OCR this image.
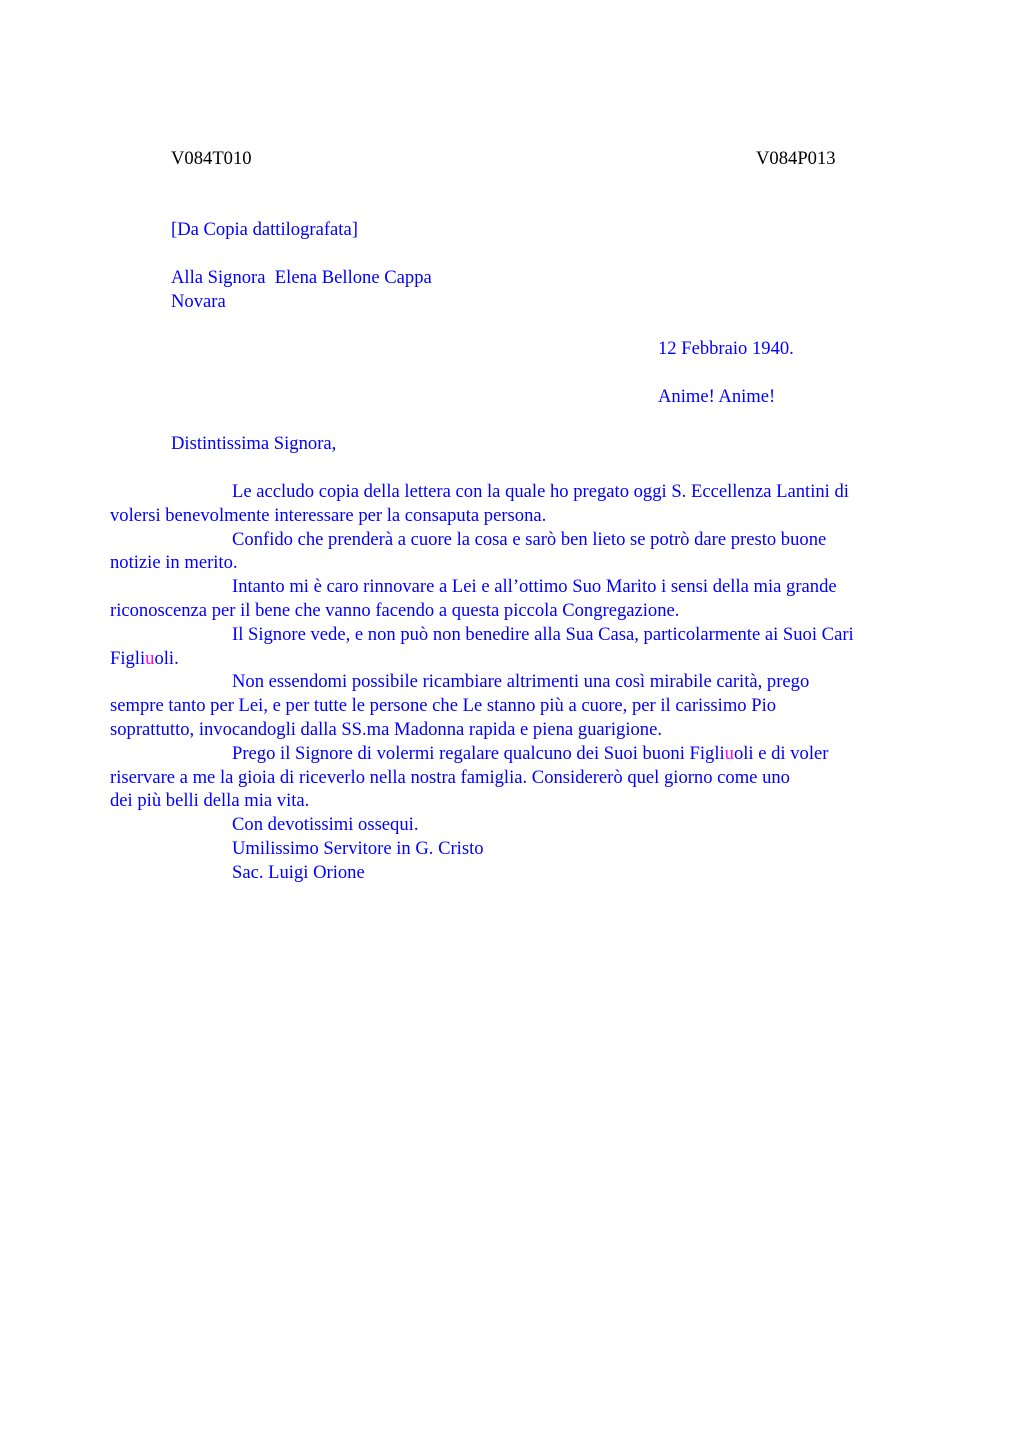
V084T010	V084P013
[Da Copia dattilografata]
Alla Signora  Elena Bellone Cappa
Novara
12 Febbraio 1940.
Anime! Anime!
Distintissima Signora,

Le accludo copia della lettera con la quale ho pregato oggi S. Eccellenza Lantini di
volersi benevolmente interessare per la consaputa persona.

Confido che prenderà a cuore la cosa e sarò ben lieto se potrò dare presto buone
notizie in merito.

Intanto mi è caro rinnovare a Lei e all’ottimo Suo Marito i sensi della mia grande
riconoscenza per il bene che vanno facendo a questa piccola Congregazione.

Il Signore vede, e non può non benedire alla Sua Casa, particolarmente ai Suoi Cari
Figliuoli.

Non essendomi possibile ricambiare altrimenti una così mirabile carità, prego
sempre tanto per Lei, e per tutte le persone che Le stanno più a cuore, per il carissimo Pio
soprattutto, invocandogli dalla SS.ma Madonna rapida e piena guarigione.

Prego il Signore di volermi regalare qualcuno dei Suoi buoni Figliuoli e di voler
riservare a me la gioia di riceverlo nella nostra famiglia. Considererò quel giorno come uno
dei più belli della mia vita.

Con devotissimi ossequi.

Umilissimo Servitore in G. Cristo

Sac. Luigi Orione
